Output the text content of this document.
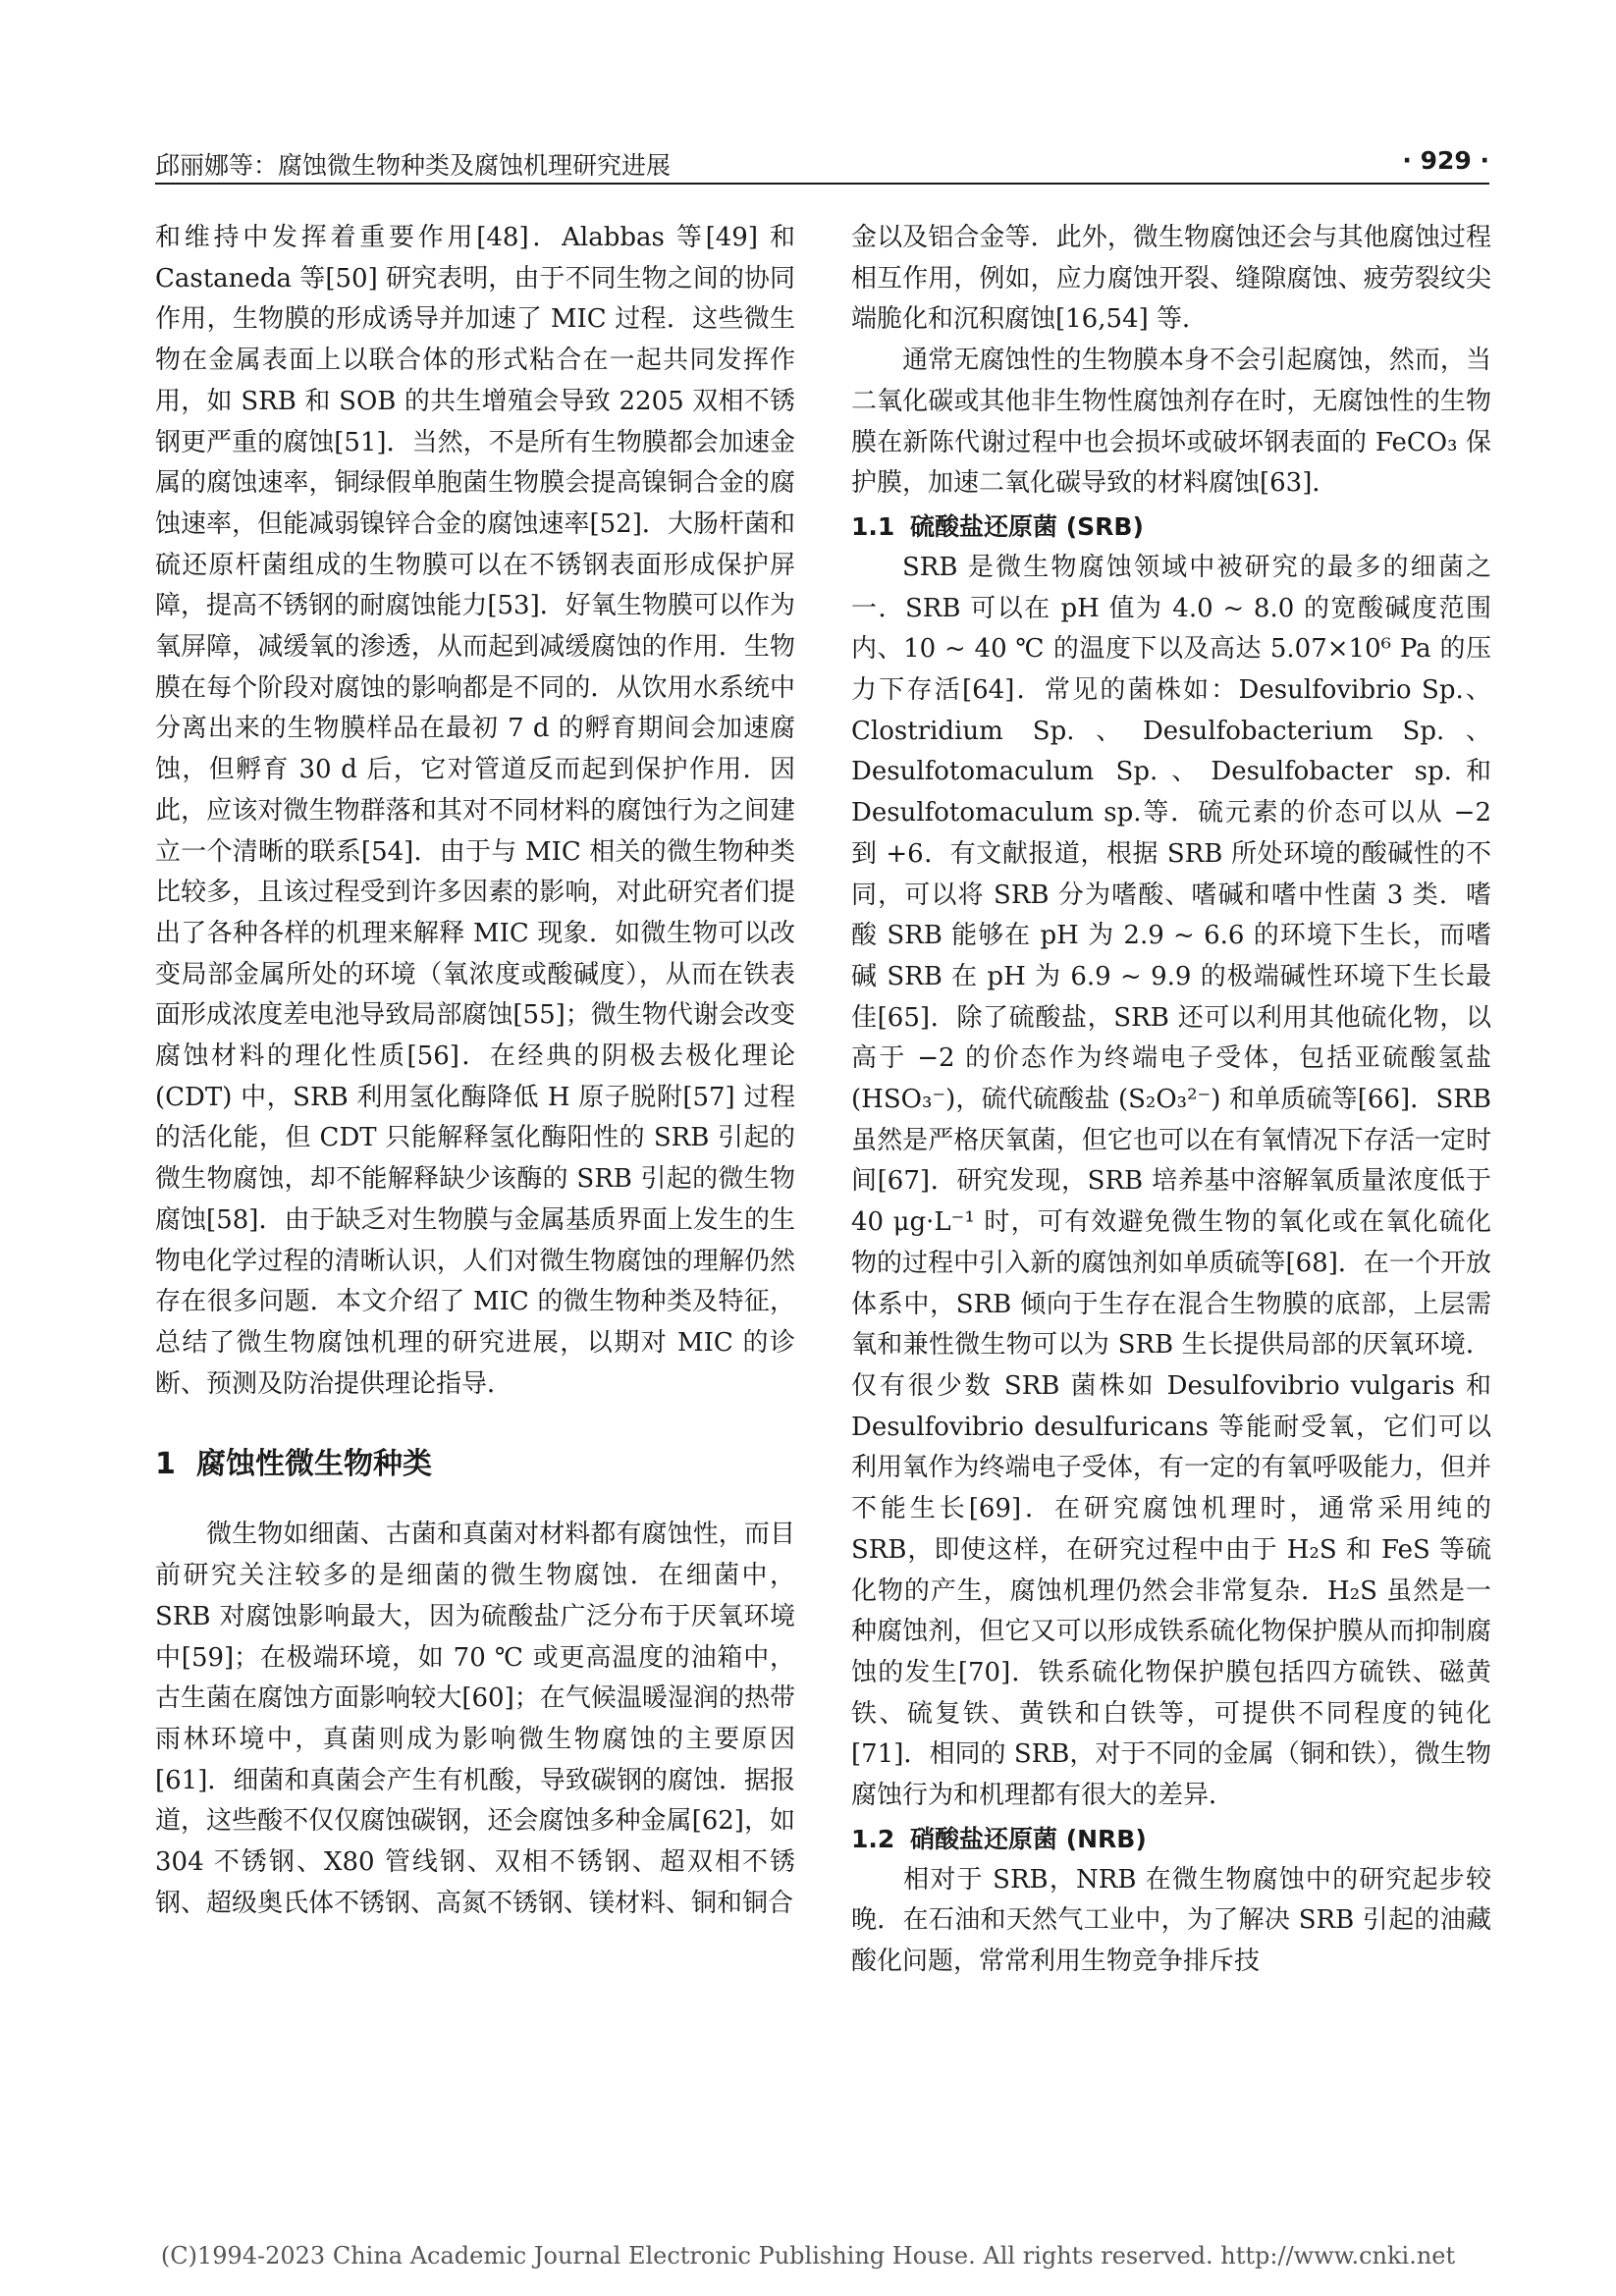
邱丽娜等：腐蚀微生物种类及腐蚀机理研究进展	· 929 ·

和维持中发挥着重要作用[48]．Alabbas 等[49] 和 Castaneda 等[50] 研究表明，由于不同生物之间的协同作用，生物膜的形成诱导并加速了 MIC 过程．这些微生物在金属表面上以联合体的形式粘合在一起共同发挥作用，如 SRB 和 SOB 的共生增殖会导致 2205 双相不锈钢更严重的腐蚀[51]．当然，不是所有生物膜都会加速金属的腐蚀速率，铜绿假单胞菌生物膜会提高镍铜合金的腐蚀速率，但能减弱镍锌合金的腐蚀速率[52]．大肠杆菌和硫还原杆菌组成的生物膜可以在不锈钢表面形成保护屏障，提高不锈钢的耐腐蚀能力[53]．好氧生物膜可以作为氧屏障，减缓氧的渗透，从而起到减缓腐蚀的作用．生物膜在每个阶段对腐蚀的影响都是不同的．从饮用水系统中分离出来的生物膜样品在最初 7 d 的孵育期间会加速腐蚀，但孵育 30 d 后，它对管道反而起到保护作用．因此，应该对微生物群落和其对不同材料的腐蚀行为之间建立一个清晰的联系[54]．由于与 MIC 相关的微生物种类比较多，且该过程受到许多因素的影响，对此研究者们提出了各种各样的机理来解释 MIC 现象．如微生物可以改变局部金属所处的环境（氧浓度或酸碱度），从而在铁表面形成浓度差电池导致局部腐蚀[55]；微生物代谢会改变腐蚀材料的理化性质[56]．在经典的阴极去极化理论 (CDT) 中，SRB 利用氢化酶降低 H 原子脱附[57] 过程的活化能，但 CDT 只能解释氢化酶阳性的 SRB 引起的微生物腐蚀，却不能解释缺少该酶的 SRB 引起的微生物腐蚀[58]．由于缺乏对生物膜与金属基质界面上发生的生物电化学过程的清晰认识，人们对微生物腐蚀的理解仍然存在很多问题．本文介绍了 MIC 的微生物种类及特征，总结了微生物腐蚀机理的研究进展，以期对 MIC 的诊断、预测及防治提供理论指导．

1 腐蚀性微生物种类

微生物如细菌、古菌和真菌对材料都有腐蚀性，而目前研究关注较多的是细菌的微生物腐蚀．在细菌中，SRB 对腐蚀影响最大，因为硫酸盐广泛分布于厌氧环境中[59]；在极端环境，如 70 ℃ 或更高温度的油箱中，古生菌在腐蚀方面影响较大[60]；在气候温暖湿润的热带雨林环境中，真菌则成为影响微生物腐蚀的主要原因[61]．细菌和真菌会产生有机酸，导致碳钢的腐蚀．据报道，这些酸不仅仅腐蚀碳钢，还会腐蚀多种金属[62]，如 304 不锈钢、X80 管线钢、双相不锈钢、超双相不锈钢、超级奥氏体不锈钢、高氮不锈钢、镁材料、铜和铜合

金以及铝合金等．此外，微生物腐蚀还会与其他腐蚀过程相互作用，例如，应力腐蚀开裂、缝隙腐蚀、疲劳裂纹尖端脆化和沉积腐蚀[16,54] 等．

通常无腐蚀性的生物膜本身不会引起腐蚀，然而，当二氧化碳或其他非生物性腐蚀剂存在时，无腐蚀性的生物膜在新陈代谢过程中也会损坏或破坏钢表面的 FeCO₃ 保护膜，加速二氧化碳导致的材料腐蚀[63]．

1.1 硫酸盐还原菌 (SRB)

SRB 是微生物腐蚀领域中被研究的最多的细菌之一．SRB 可以在 pH 值为 4.0 ~ 8.0 的宽酸碱度范围内、10 ~ 40 ℃ 的温度下以及高达 5.07×10⁶ Pa 的压力下存活[64]．常见的菌株如：Desulfovibrio Sp.、Clostridium Sp.、Desulfobacterium Sp.、Desulfotomaculum Sp.、Desulfobacter sp.和 Desulfotomaculum sp.等．硫元素的价态可以从 −2 到 +6．有文献报道，根据 SRB 所处环境的酸碱性的不同，可以将 SRB 分为嗜酸、嗜碱和嗜中性菌 3 类．嗜酸 SRB 能够在 pH 为 2.9 ~ 6.6 的环境下生长，而嗜碱 SRB 在 pH 为 6.9 ~ 9.9 的极端碱性环境下生长最佳[65]．除了硫酸盐，SRB 还可以利用其他硫化物，以高于 −2 的价态作为终端电子受体，包括亚硫酸氢盐 (HSO₃⁻)，硫代硫酸盐 (S₂O₃²⁻) 和单质硫等[66]．SRB 虽然是严格厌氧菌，但它也可以在有氧情况下存活一定时间[67]．研究发现，SRB 培养基中溶解氧质量浓度低于 40 μg·L⁻¹ 时，可有效避免微生物的氧化或在氧化硫化物的过程中引入新的腐蚀剂如单质硫等[68]．在一个开放体系中，SRB 倾向于生存在混合生物膜的底部，上层需氧和兼性微生物可以为 SRB 生长提供局部的厌氧环境．仅有很少数 SRB 菌株如 Desulfovibrio vulgaris 和 Desulfovibrio desulfuricans 等能耐受氧，它们可以利用氧作为终端电子受体，有一定的有氧呼吸能力，但并不能生长[69]．在研究腐蚀机理时，通常采用纯的 SRB，即使这样，在研究过程中由于 H₂S 和 FeS 等硫化物的产生，腐蚀机理仍然会非常复杂．H₂S 虽然是一种腐蚀剂，但它又可以形成铁系硫化物保护膜从而抑制腐蚀的发生[70]．铁系硫化物保护膜包括四方硫铁、磁黄铁、硫复铁、黄铁和白铁等，可提供不同程度的钝化[71]．相同的 SRB，对于不同的金属（铜和铁），微生物腐蚀行为和机理都有很大的差异．

1.2 硝酸盐还原菌 (NRB)

相对于 SRB，NRB 在微生物腐蚀中的研究起步较晚．在石油和天然气工业中，为了解决 SRB 引起的油藏酸化问题，常常利用生物竞争排斥技

(C)1994-2023 China Academic Journal Electronic Publishing House. All rights reserved. http://www.cnki.net
